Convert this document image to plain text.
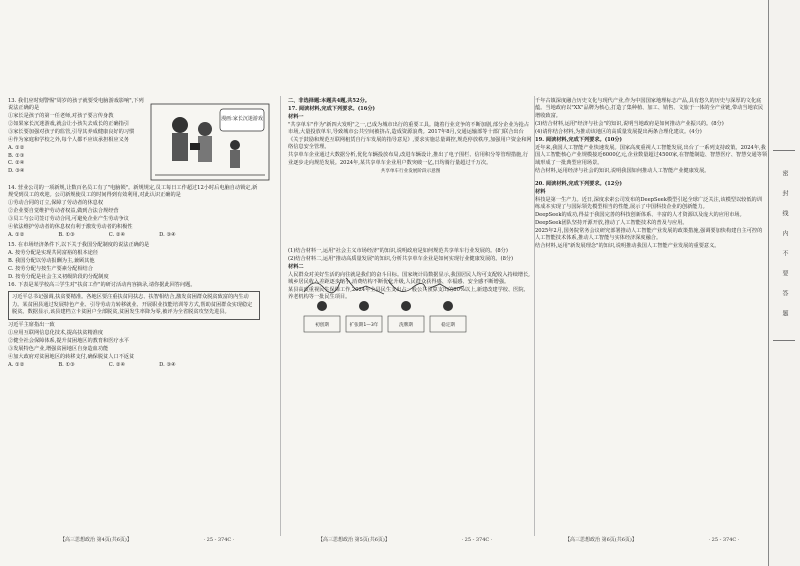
13. 我们应时刻警惕"周岁的孩子就要受电脑游戏影响",下列说法正确的是

①家长是孩子的第一任老师,对孩子要言传身教

②如果家长沉迷游戏,就会让小孩失去成长的正确指引

③家长要加强对孩子的监管,引导其养成健康良好的习惯

④作为家庭和学校之外,每个人都不应该承担相应义务

A. ①②
B. ①③
C. ②④
D. ③④

14. 营业公司的一项新规,让数百名员工有了"电脑锁"。新规规定,员工每日工作超过12小时后电脑自动锁定,新规受到员工的欢迎。公司新规使员工的时间得到有效利用,对此认识正确的是

①劳动合同的订立,保障了劳动者的休息权

②企业要自觉维护劳动者权益,做到合法合规经营

③员工与公司签订劳动合同,可避免企业产生劳动争议

④依法维护劳动者的休息权有利于激发劳动者的积极性

A. ①②	B. ①③	C. ②④	D. ③④

15. 在市场经济条件下,以下关于我国分配制度的说法正确的是

A. 按劳分配是实现共同富裕的根本途径

B. 我国分配以劳动报酬为主,兼顾其他

C. 按劳分配与按生产要素分配相结合

D. 按劳分配是社会主义初级阶段的分配制度

16. 下表是某学校高三学生对"扶贫工作"的研讨活动内容摘录,请你据此回答问题。

习近平总书记强调,扶贫要精准。各地区要注重扶贫同扶志、扶智相结合,激发贫困群众脱贫致富的内生动力。某贫困县通过发展特色产业、引导劳动力转移就业、开展职业技能培训等方式,帮助贫困群众实现稳定脱贫。数据显示,该县建档立卡贫困户全部脱贫,贫困发生率降为零,被评为全省脱贫攻坚先进县。

习近平主席指出一致

①应用互联网信息化技术,提高扶贫精准度

②健全社会保障体系,提升贫困地区的教育和医疗水平

③发展特色产业,增强贫困地区自身造血功能

④加大政府对贫困地区的转移支付,确保脱贫人口不返贫

A. ①②	B. ①③	C. ②④	D. ③④
漫画:家长沉迷游戏
【高三思想政治 第4页(共6页)】	· 25 - 374C ·

二、非选择题:本题共4题,共52分。

17. 阅读材料,完成下列要求。(16分)

材料一

"共享单车"作为"新四大发明"之一,已成为城市出行的重要工具。随着行业竞争的不断加剧,部分企业为抢占市场,大量投放单车,导致城市公共空间被挤占,造成资源浪费。2017年8月,交通运输部等十部门联合出台《关于鼓励和规范互联网租赁自行车发展的指导意见》,要求实施总量调控,规范停放秩序,加强用户资金和网络信息安全管理。

共享单车企业通过大数据分析,优化车辆投放布局,改进车辆设计,推出了电子围栏、信用积分等管理措施,行业逐步走向规范发展。2024年,某共享单车企业用户数突破一亿,日均骑行量超过千万次。

共享单车行业发展阶段示意图

(1)结合材料一,运用"社会主义市场经济"的知识,说明政府是如何规范共享单车行业发展的。(8分)

(2)结合材料二,运用"推动高质量发展"的知识,分析共享单车企业是如何实现行业健康发展的。(8分)

材料二

人民群众对美好生活的向往就是我们的奋斗目标。国家统计局数据显示,我国居民人均可支配收入持续增长,城乡居民收入差距逐步缩小,消费结构不断优化升级,人民群众获得感、幸福感、安全感不断增强。

某县高度重视民生保障工作,2024年全县民生支出占一般公共预算支出的80%以上,新建改建学校、医院、养老机构等一批民生项目。

初创期	扩张期1—3年	洗牌期	稳定期
【高三思想政治 第5页(共6页)】	· 25 - 374C ·

千年古镇深度融合历史文化与现代产业,作为中国国家地理标志产品,具有悠久的历史与深厚的文化底蕴。当地政府以"XX"品牌为核心,打造了集种植、加工、销售、文旅于一体的全产业链,带动当地农民增收致富。

(3)结合材料,运用"经济与社会"的知识,说明当地政府是如何推动产业振兴的。(8分)

(4)请你结合材料,为推动该地区的高质量发展提出两条合理化建议。(4分)

19. 阅读材料,完成下列要求。(10分)

近年来,我国人工智能产业快速发展。国家高度重视人工智能发展,出台了一系列支持政策。2024年,我国人工智能核心产业规模接近6000亿元,企业数量超过4500家,在智能制造、智慧医疗、智慧交通等领域形成了一批典型应用场景。

结合材料,运用经济与社会的知识,说明我国如何推动人工智能产业健康发展。

20. 阅读材料,完成下列要求。(12分)

材料

科技是第一生产力。近日,深度求索公司发布的DeepSeek模型引起全球广泛关注,该模型以较低的训练成本实现了与国际领先模型相当的性能,展示了中国科技企业的创新能力。

DeepSeek的成功,得益于我国完善的科技创新体系、丰富的人才资源以及庞大的应用市场。DeepSeek团队坚持开源开放,推动了人工智能技术的普及与应用。

2025年2月,国务院常务会议研究部署推动人工智能产业发展的政策措施,强调要加快构建自主可控的人工智能技术体系,推动人工智能与实体经济深度融合。

结合材料,运用"新发展理念"的知识,说明推动我国人工智能产业发展的重要意义。

【高三思想政治 第6页(共6页)】	· 25 - 374C ·
密
封
线
内
不
要
答
题
